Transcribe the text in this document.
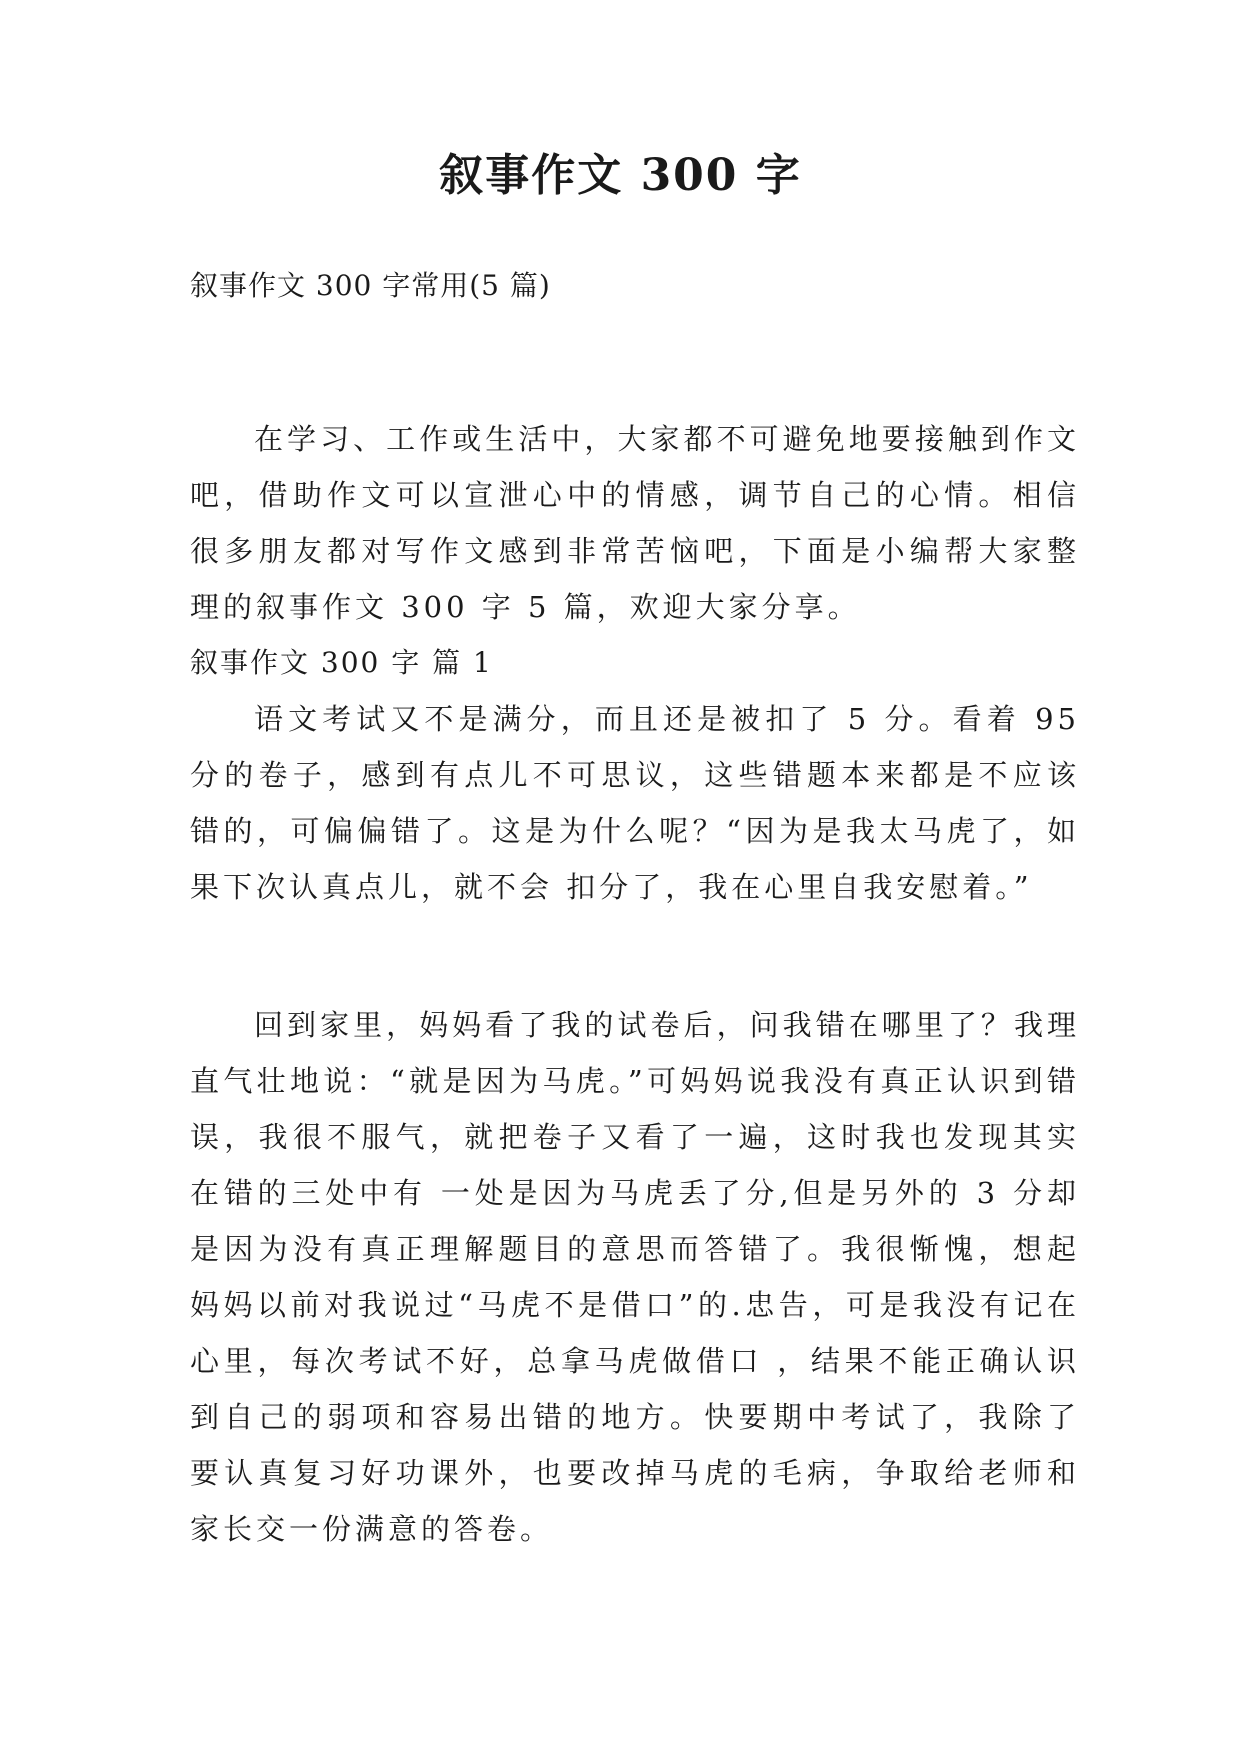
叙事作文 300 字

叙事作文 300 字常用(5 篇)

在学习、工作或生活中，大家都不可避免地要接触到作文吧，借助作文可以宣泄心中的情感，调节自己的心情。相信很多朋友都对写作文感到非常苦恼吧，下面是小编帮大家整理的叙事作文 300 字 5 篇，欢迎大家分享。

叙事作文 300 字 篇 1

语文考试又不是满分，而且还是被扣了 5 分。看着 95 分的卷子，感到有点儿不可思议，这些错题本来都是不应该错的，可偏偏错了。这是为什么呢？“因为是我太马虎了，如果下次认真点儿，就不会 扣分了，我在心里自我安慰着。”

回到家里，妈妈看了我的试卷后，问我错在哪里了？我理直气壮地说：“就是因为马虎。”可妈妈说我没有真正认识到错误，我很不服气，就把卷子又看了一遍，这时我也发现其实在错的三处中有 一处是因为马虎丢了分,但是另外的 3 分却是因为没有真正理解题目的意思而答错了。我很惭愧，想起妈妈以前对我说过“马虎不是借口”的.忠告，可是我没有记在心里，每次考试不好，总拿马虎做借口 ，结果不能正确认识到自己的弱项和容易出错的地方。快要期中考试了，我除了要认真复习好功课外，也要改掉马虎的毛病，争取给老师和家长交一份满意的答卷。
